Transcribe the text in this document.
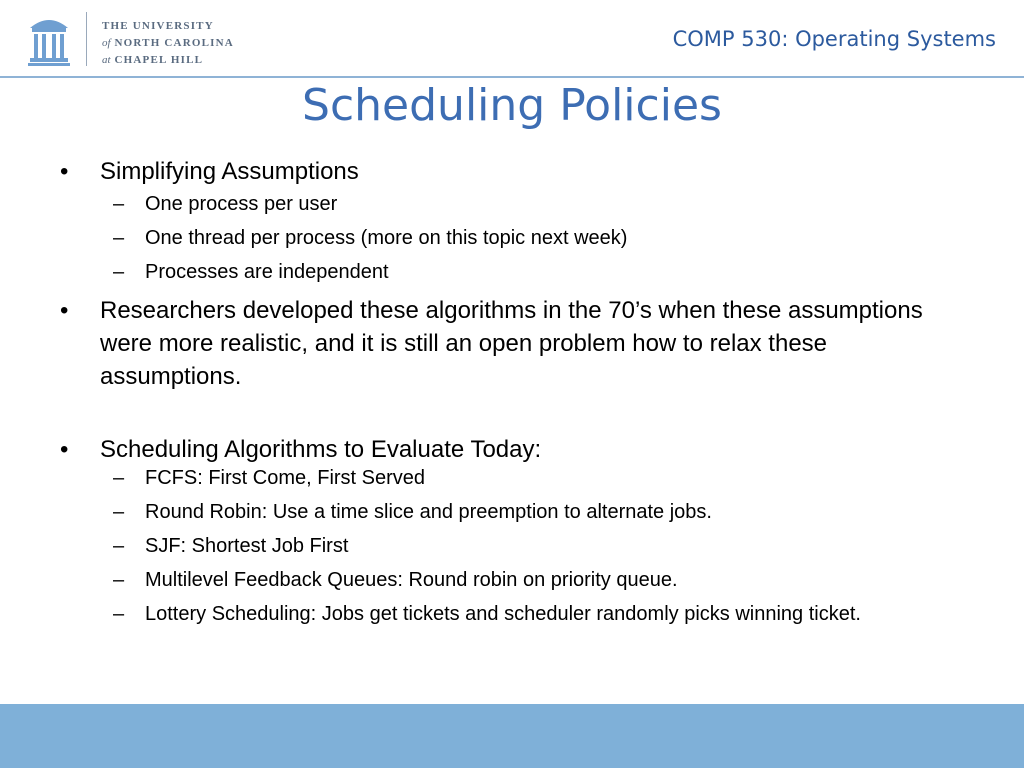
THE UNIVERSITY
of NORTH CAROLINA
at CHAPEL HILL
COMP 530: Operating Systems
Scheduling Policies
• Simplifying Assumptions
– One process per user
– One thread per process (more on this topic next week)
– Processes are independent
• Researchers developed these algorithms in the 70’s when these assumptions were more realistic, and it is still an open problem how to relax these assumptions.
• Scheduling Algorithms to Evaluate Today:
– FCFS: First Come, First Served
– Round Robin: Use a time slice and preemption to alternate jobs.
– SJF: Shortest Job First
– Multilevel Feedback Queues: Round robin on priority queue.
– Lottery Scheduling: Jobs get tickets and scheduler randomly picks winning ticket.
